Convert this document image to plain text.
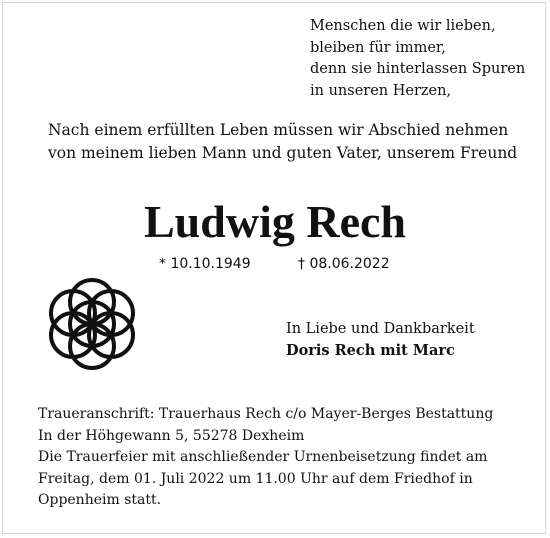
Menschen die wir lieben,
bleiben für immer,
denn sie hinterlassen Spuren
in unseren Herzen,
Nach einem erfüllten Leben müssen wir Abschied nehmen
von meinem lieben Mann und guten Vater, unserem Freund
Ludwig Rech
* 10.10.1949	† 08.06.2022
In Liebe und Dankbarkeit
Doris Rech mit Marc
Traueranschrift: Trauerhaus Rech c/o Mayer-Berges Bestattung
In der Höhgewann 5, 55278 Dexheim
Die Trauerfeier mit anschließender Urnenbeisetzung findet am
Freitag, dem 01. Juli 2022 um 11.00 Uhr auf dem Friedhof in
Oppenheim statt.
